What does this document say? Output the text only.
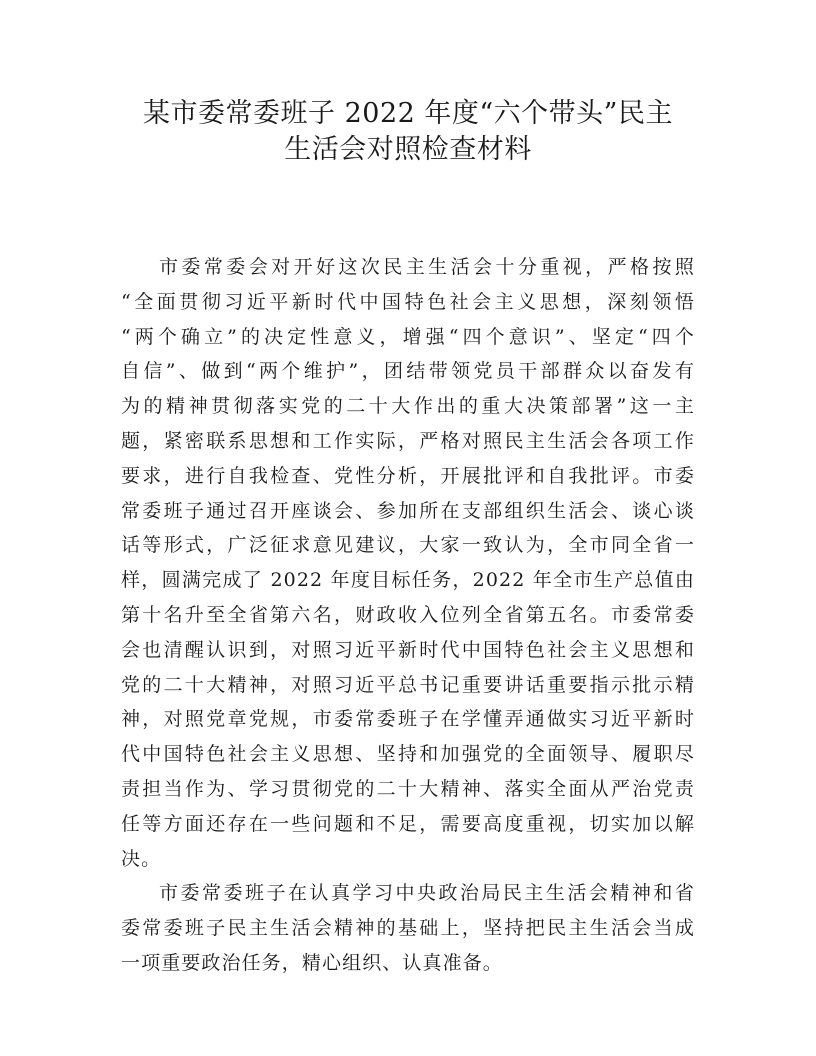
某市委常委班子 2022 年度“六个带头”民主
生活会对照检查材料

市委常委会对开好这次民主生活会十分重视，严格按照
“全面贯彻习近平新时代中国特色社会主义思想，深刻领悟
“两个确立”的决定性意义，增强“四个意识”、坚定“四个
自信”、做到“两个维护”，团结带领党员干部群众以奋发有
为的精神贯彻落实党的二十大作出的重大决策部署”这一主
题，紧密联系思想和工作实际，严格对照民主生活会各项工作
要求，进行自我检查、党性分析，开展批评和自我批评。市委
常委班子通过召开座谈会、参加所在支部组织生活会、谈心谈
话等形式，广泛征求意见建议，大家一致认为，全市同全省一
样，圆满完成了 2022 年度目标任务，2022 年全市生产总值由
第十名升至全省第六名，财政收入位列全省第五名。市委常委
会也清醒认识到，对照习近平新时代中国特色社会主义思想和
党的二十大精神，对照习近平总书记重要讲话重要指示批示精
神，对照党章党规，市委常委班子在学懂弄通做实习近平新时
代中国特色社会主义思想、坚持和加强党的全面领导、履职尽
责担当作为、学习贯彻党的二十大精神、落实全面从严治党责
任等方面还存在一些问题和不足，需要高度重视，切实加以解
决。

市委常委班子在认真学习中央政治局民主生活会精神和省
委常委班子民主生活会精神的基础上，坚持把民主生活会当成
一项重要政治任务，精心组织、认真准备。
